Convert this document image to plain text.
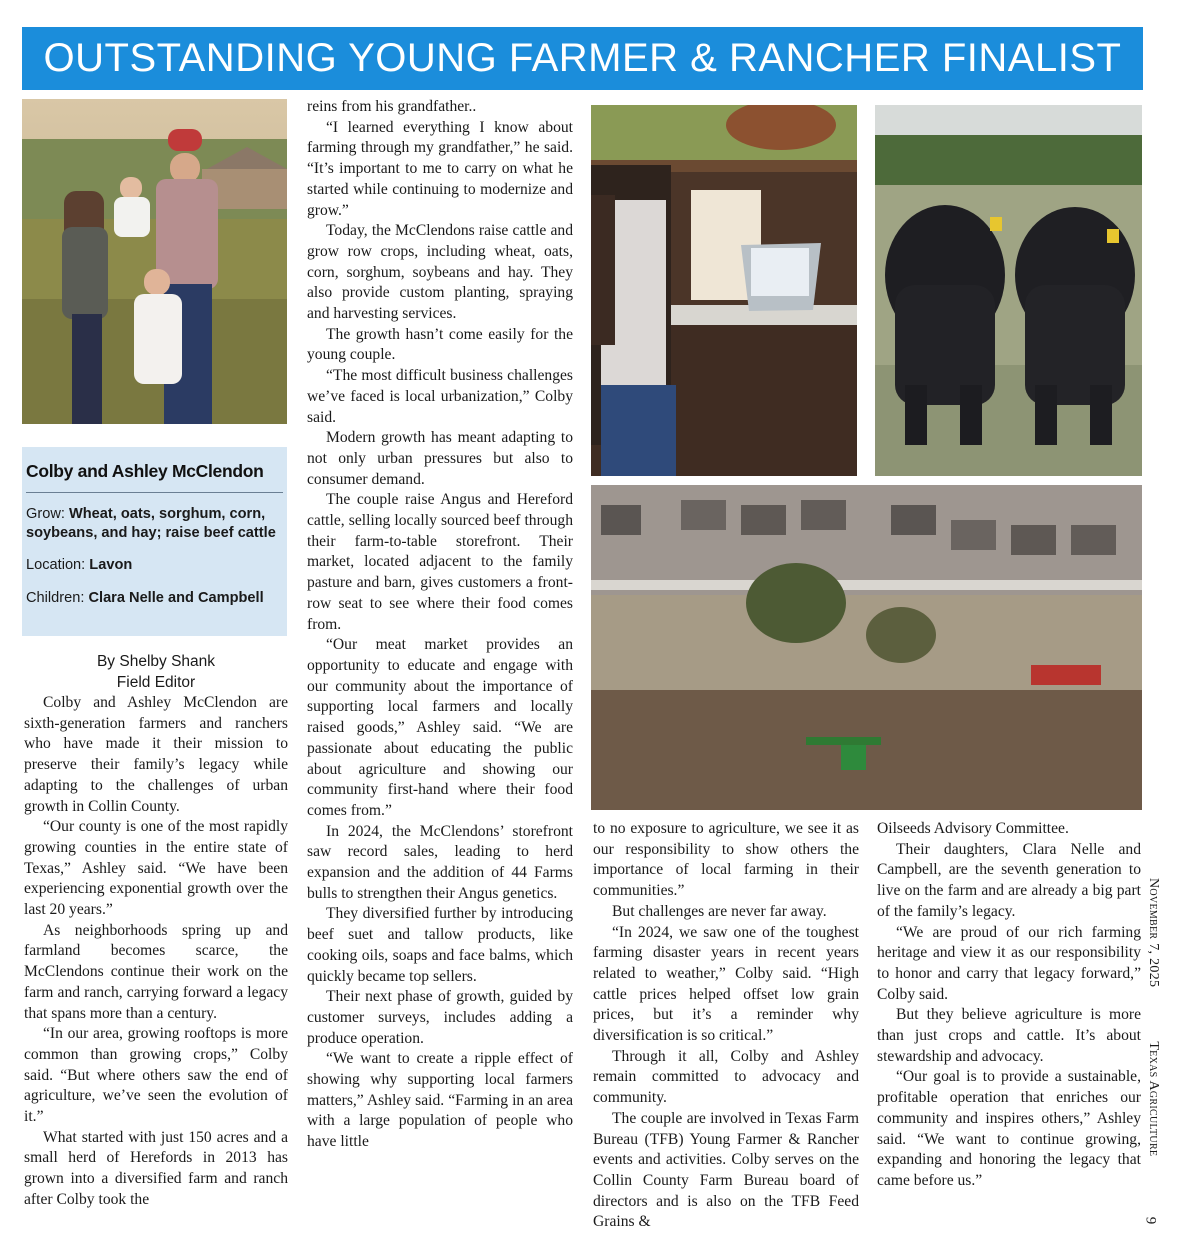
OUTSTANDING YOUNG FARMER & RANCHER FINALIST
Colby and Ashley McClendon

Grow: Wheat, oats, sorghum, corn, soybeans, and hay; raise beef cattle

Location: Lavon

Children: Clara Nelle and Campbell

By Shelby Shank
Field Editor

Colby and Ashley McClendon are sixth-generation farmers and ranchers who have made it their mission to preserve their family’s legacy while adapting to the challenges of urban growth in Collin County.

“Our county is one of the most rapidly growing counties in the entire state of Texas,” Ashley said. “We have been experiencing exponential growth over the last 20 years.”

As neighborhoods spring up and farmland becomes scarce, the McClendons continue their work on the farm and ranch, carrying forward a legacy that spans more than a century.

“In our area, growing rooftops is more common than growing crops,” Colby said. “But where others saw the end of agriculture, we’ve seen the evolution of it.”

What started with just 150 acres and a small herd of Herefords in 2013 has grown into a diversified farm and ranch after Colby took the

reins from his grandfather..

“I learned everything I know about farming through my grandfather,” he said. “It’s important to me to carry on what he started while continuing to modernize and grow.”

Today, the McClendons raise cattle and grow row crops, including wheat, oats, corn, sorghum, soybeans and hay. They also provide custom planting, spraying and harvesting services.

The growth hasn’t come easily for the young couple.

“The most difficult business challenges we’ve faced is local urbanization,” Colby said.

Modern growth has meant adapting to not only urban pressures but also to consumer demand.

The couple raise Angus and Hereford cattle, selling locally sourced beef through their farm-to-table storefront. Their market, located adjacent to the family pasture and barn, gives customers a front-row seat to see where their food comes from.

“Our meat market provides an opportunity to educate and engage with our community about the importance of supporting local farmers and locally raised goods,” Ashley said. “We are passionate about educating the public about agriculture and showing our community first-hand where their food comes from.”

In 2024, the McClendons’ storefront saw record sales, leading to herd expansion and the addition of 44 Farms bulls to strengthen their Angus genetics.

They diversified further by introducing beef suet and tallow products, like cooking oils, soaps and face balms, which quickly became top sellers.

Their next phase of growth, guided by customer surveys, includes adding a produce operation.

“We want to create a ripple effect of showing why supporting local farmers matters,” Ashley said. “Farming in an area with a large population of people who have little

to no exposure to agriculture, we see it as our responsibility to show others the importance of local farming in their communities.”

But challenges are never far away.

“In 2024, we saw one of the toughest farming disaster years in recent years related to weather,” Colby said. “High cattle prices helped offset low grain prices, but it’s a reminder why diversification is so critical.”

Through it all, Colby and Ashley remain committed to advocacy and community.

The couple are involved in Texas Farm Bureau (TFB) Young Farmer & Rancher events and activities. Colby serves on the Collin County Farm Bureau board of directors and is also on the TFB Feed Grains &

Oilseeds Advisory Committee.

Their daughters, Clara Nelle and Campbell, are the seventh generation to live on the farm and are already a big part of the family’s legacy.

“We are proud of our rich farming heritage and view it as our responsibility to honor and carry that legacy forward,” Colby said.

But they believe agriculture is more than just crops and cattle. It’s about stewardship and advocacy.

“Our goal is to provide a sustainable, profitable operation that enriches our community and inspires others,” Ashley said. “We want to continue growing, expanding and honoring the legacy that came before us.”

November 7, 2025Texas Agriculture
9
